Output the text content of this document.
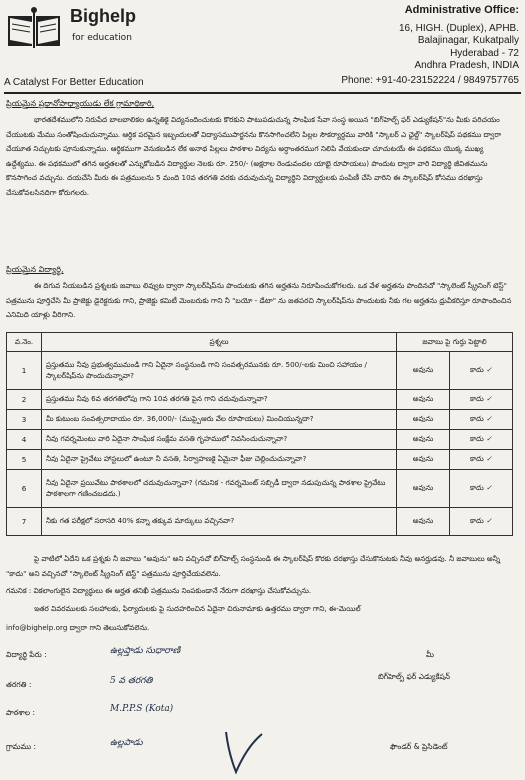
Bighelp
for education
A Catalyst For Better Education
Administrative Office:
16, HIGH. (Duplex), APHB.
Balajinagar, Kukatpally
Hyderabad - 72
Andhra Pradesh, INDIA
Phone: +91-40-23152224 / 9849757765
ప్రియమైన ప్రధానోపాధ్యాయుడు లేక గ్రామాధికారి,
భారతదేశములోని నిరుపేద బాలబాలికల ఉన్నతికై విద్యనందించుటకు కొరకుని పాటుపడుచున్న సాంఘిక సేవా సంస్థ అయిన "బిగ్‌హెల్ప్ ఫర్ ఎడ్యుకేషన్"ను మీకు పరిచయం చేయుటకు మేము సంతోషించుచున్నాము. ఆర్థిక పరమైన ఇబ్బందులతో విద్యాసముపార్జనను కొనసాగించలేని పిల్లల సౌకర్యార్థము వారికి "స్కాలర్ ఎ ఛైల్డ్" స్కాలర్‌షిప్ పథకము ద్వారా చేయూత నిచ్చుటకు పూనుకున్నాము. ఆర్థికముగా వెనుకబడిన లేక అనాథ పిల్లలు పాఠశాల విద్యను అర్ధాంతరముగ నిలిపి వేయకుండా చూచుటయే ఈ పథకము యొక్క ముఖ్య ఉద్దేశ్యము. ఈ పథకములో తగిన అర్హతలతో ఎన్నుకోబడిన విద్యార్థుల నెలకు రూ. 250/- (అక్షరాల రెండువందల యాభై రూపాయలు) పొందుట ద్వారా వారి విద్యార్థి జీవితమును కొనసాగించ వచ్చును. దయచేసి మీరు ఈ పత్రములను 5 మంది 10వ తరగతి వరకు చదువుచున్న విద్యార్థిని విద్యార్థులకు పంపిణీ చేసి వారిని ఈ స్కాలర్‌షిప్ కోసము దరఖాస్తు చేసుకోవలసినదిగా కోరుగలరు.
ప్రియమైన విద్యార్థి,
ఈ దిగువ నీయబడిన ప్రశ్నలకు జవాబు లివ్వుట ద్వారా స్కాలర్‌షిప్‌ను పొందుటకు తగిన అర్హతను నిరూపించుకోగలరు. ఒక వేళ అర్హతను పొందినచో "స్కాలెంట్ స్క్రీనింగ్ టెస్ట్" పత్రమును పూర్తిచేసి మీ ప్రాజెక్టు డైరెక్టరుకు గాని, ప్రాజెక్టు కమిటీ మెంబరుకు గాని నీ "బయో - డేటా" ను జతపరచి స్కాలర్‌షిప్‌ను పొందుటకు నీకు గల అర్హతను ధ్రువీకరిస్తూ రూపొందించిన ఎనిమిది యాళ్లు వీరిగాని.
వ.నెం.	ప్రశ్నలు	జవాబు పై గుర్తు పెట్టాలి	
1	ప్రస్తుతము నీవు ప్రభుత్వముమండి గాని ఏదైనా సంస్థనుండి గాని సంవత్సరమునకు రూ. 500/-లకు మించి సహాయం / స్కాలర్‌షిప్‌ను పొందుచున్నావా?	అవును	కాదు ✓
2	ప్రస్తుతము నీవు 6వ తరగతిలోపు గాని 10వ తరగతి పైన గాని చదువుచున్నావా?	అవును	కాదు ✓
3	మీ కుటుంబ సంవత్సరాదాయం రూ. 36,000/- (ముప్పైఆరు వేల రూపాయలు) మించియున్నదా?	అవును	కాదు ✓
4	నీవు గవర్నమెంటు వారి ఏదైనా సాంఘిక సంక్షేమ వసతి గృహములో నివసించుచున్నావా?	అవును	కాదు ✓
5	నీవు ఏదైనా ప్రైవేటు హాస్టలులో ఉంటూ నీ వసతి, సిర్వాహణకై ఏమైనా ఫీజు చెల్లించుచున్నావా?	అవును	కాదు ✓
6	నీవు ఏదైనా ప్రయివేటు పాఠశాలలో చదువుచున్నావా? (గమనిక - గవర్నమెంట్ సబ్సిడీ ద్వారా నడుపుచున్న పాఠశాల ప్రైవేటు పాఠశాలగా గణించబడదు.)	అవును	కాదు ✓
7	నీకు గత పరీక్షలో సరాసరి 40% కన్నా తక్కువ మార్కులు వచ్చినవా?	అవును	కాదు ✓
పై వాటిలో ఏదేని ఒక ప్రశ్నకు నీ జవాబు "అవును" అని వచ్చినచో బిగ్‌హెల్ప్ సంస్థనుండి ఈ స్కాలర్‌షిప్ కొరకు దరఖాస్తు చేసుకొనుటకు నీవు అనర్హుడవు. నీ జవాబులు అన్నీ "కాదు" అని వచ్చినచో "స్కాలెంట్ స్క్రీనింగ్ టెస్ట్" పత్రమును పూర్తిచేయవలెను.
గమనిక : వికలాంగులైన విద్యార్థులు ఈ అర్హత తనిఖీ పత్రమును నింపకుండానే నేరుగా దరఖాస్తు చేసుకోవచ్చును.
ఇతర వివరములకు సలహాలకు, ఫిర్యాదులకు పై సుదహరించిన ఏదైనా చిరునామాకు ఉత్తరము ద్వారా గాని, ఈ-మెయిల్
info@bighelp.org ద్వారా గాని తెలుసుకోవలెను.
విద్యార్థి పేరు :	ఉల్లప్తాడు సుధారాణి
తరగతి :	5 వ తరగతి
పాఠశాల :	M.P.P.S (Kota)
గ్రామము :	ఉల్లపాడు
మీ
బిగ్‌హెల్ప్ ఫర్ ఎడ్యుకేషన్
ఫౌండర్ & ప్రెసిడెంట్
